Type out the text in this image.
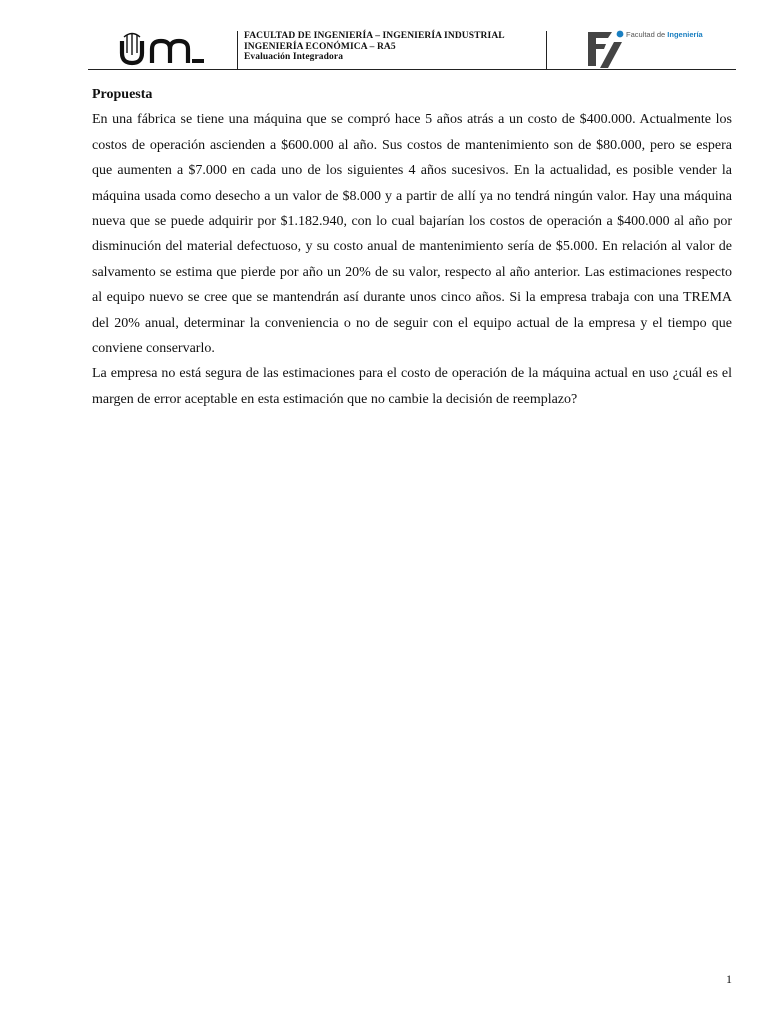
FACULTAD DE INGENIERÍA – INGENIERÍA INDUSTRIAL
INGENIERÍA ECONÓMICA – RA5
Evaluación Integradora
Facultad de Ingeniería

Propuesta

En una fábrica se tiene una máquina que se compró hace 5 años atrás a un costo de $400.000. Actualmente los costos de operación ascienden a $600.000 al año. Sus costos de mantenimiento son de $80.000, pero se espera que aumenten a $7.000 en cada uno de los siguientes 4 años sucesivos. En la actualidad, es posible vender la máquina usada como desecho a un valor de $8.000 y a partir de allí ya no tendrá ningún valor. Hay una máquina nueva que se puede adquirir por $1.182.940, con lo cual bajarían los costos de operación a $400.000 al año por disminución del material defectuoso, y su costo anual de mantenimiento sería de $5.000. En relación al valor de salvamento se estima que pierde por año un 20% de su valor, respecto al año anterior. Las estimaciones respecto al equipo nuevo se cree que se mantendrán así durante unos cinco años. Si la empresa trabaja con una TREMA del 20% anual, determinar la conveniencia o no de seguir con el equipo actual de la empresa y el tiempo que conviene conservarlo.

La empresa no está segura de las estimaciones para el costo de operación de la máquina actual en uso ¿cuál es el margen de error aceptable en esta estimación que no cambie la decisión de reemplazo?

1
